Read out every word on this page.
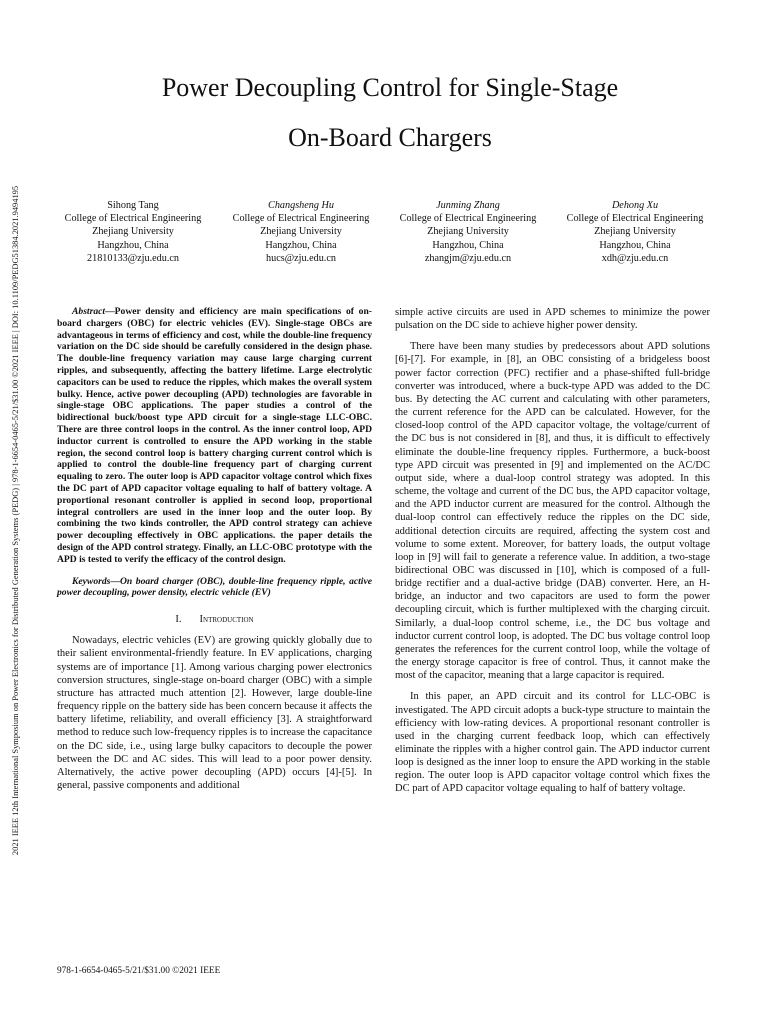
2021 IEEE 12th International Symposium on Power Electronics for Distributed Generation Systems (PEDG) | 978-1-6654-0465-5/21/$31.00 ©2021 IEEE | DOI: 10.1109/PEDG51384.2021.9494195
Power Decoupling Control for Single-Stage
On-Board Chargers
Sihong Tang
College of Electrical Engineering
Zhejiang University
Hangzhou, China
21810133@zju.edu.cn
Changsheng Hu
College of Electrical Engineering
Zhejiang University
Hangzhou, China
hucs@zju.edu.cn
Junming Zhang
College of Electrical Engineering
Zhejiang University
Hangzhou, China
zhangjm@zju.edu.cn
Dehong Xu
College of Electrical Engineering
Zhejiang University
Hangzhou, China
xdh@zju.edu.cn

Abstract—Power density and efficiency are main specifications of on-board chargers (OBC) for electric vehicles (EV). Single-stage OBCs are advantageous in terms of efficiency and cost, while the double-line frequency variation on the DC side should be carefully considered in the design phase. The double-line frequency variation may cause large charging current ripples, and subsequently, affecting the battery lifetime. Large electrolytic capacitors can be used to reduce the ripples, which makes the overall system bulky. Hence, active power decoupling (APD) technologies are favorable in single-stage OBC applications. The paper studies a control of the bidirectional buck/boost type APD circuit for a single-stage LLC-OBC. There are three control loops in the control. As the inner control loop, APD inductor current is controlled to ensure the APD working in the stable region, the second control loop is battery charging current control which is applied to control the double-line frequency part of charging current equaling to zero. The outer loop is APD capacitor voltage control which fixes the DC part of APD capacitor voltage equaling to half of battery voltage. A proportional resonant controller is applied in second loop, proportional integral controllers are used in the inner loop and the outer loop. By combining the two kinds controller, the APD control strategy can achieve power decoupling effectively in OBC applications. the paper details the design of the APD control strategy. Finally, an LLC-OBC prototype with the APD is tested to verify the efficacy of the control design.

Keywords—On board charger (OBC), double-line frequency ripple, active power decoupling, power density, electric vehicle (EV)

I. Introduction

Nowadays, electric vehicles (EV) are growing quickly globally due to their salient environmental-friendly feature. In EV applications, charging systems are of importance [1]. Among various charging power electronics conversion structures, single-stage on-board charger (OBC) with a simple structure has attracted much attention [2]. However, large double-line frequency ripple on the battery side has been concern because it affects the battery lifetime, reliability, and overall efficiency [3]. A straightforward method to reduce such low-frequency ripples is to increase the capacitance on the DC side, i.e., using large bulky capacitors to decouple the power between the DC and AC sides. This will lead to a poor power density. Alternatively, the active power decoupling (APD) occurs [4]-[5]. In general, passive components and additional

simple active circuits are used in APD schemes to minimize the power pulsation on the DC side to achieve higher power density.

There have been many studies by predecessors about APD solutions [6]-[7]. For example, in [8], an OBC consisting of a bridgeless boost power factor correction (PFC) rectifier and a phase-shifted full-bridge converter was introduced, where a buck-type APD was added to the DC bus. By detecting the AC current and calculating with other parameters, the current reference for the APD can be calculated. However, for the closed-loop control of the APD capacitor voltage, the voltage/current of the DC bus is not considered in [8], and thus, it is difficult to effectively eliminate the double-line frequency ripples. Furthermore, a buck-boost type APD circuit was presented in [9] and implemented on the AC/DC output side, where a dual-loop control strategy was adopted. In this scheme, the voltage and current of the DC bus, the APD capacitor voltage, and the APD inductor current are measured for the control. Although the dual-loop control can effectively reduce the ripples on the DC side, additional detection circuits are required, affecting the system cost and volume to some extent. Moreover, for battery loads, the output voltage loop in [9] will fail to generate a reference value. In addition, a two-stage bidirectional OBC was discussed in [10], which is composed of a full-bridge rectifier and a dual-active bridge (DAB) converter. Here, an H- bridge, an inductor and two capacitors are used to form the power decoupling circuit, which is further multiplexed with the charging circuit. Similarly, a dual-loop control scheme, i.e., the DC bus voltage and inductor current control loop, is adopted. The DC bus voltage control loop generates the references for the current control loop, while the voltage of the energy storage capacitor is free of control. Thus, it cannot make the most of the capacitor, meaning that a large capacitor is required.

In this paper, an APD circuit and its control for LLC-OBC is investigated. The APD circuit adopts a buck-type structure to maintain the efficiency with low-rating devices. A proportional resonant controller is used in the charging current feedback loop, which can effectively eliminate the ripples with a higher control gain. The APD inductor current loop is designed as the inner loop to ensure the APD working in the stable region. The outer loop is APD capacitor voltage control which fixes the DC part of APD capacitor voltage equaling to half of battery voltage.

978-1-6654-0465-5/21/$31.00 ©2021 IEEE
